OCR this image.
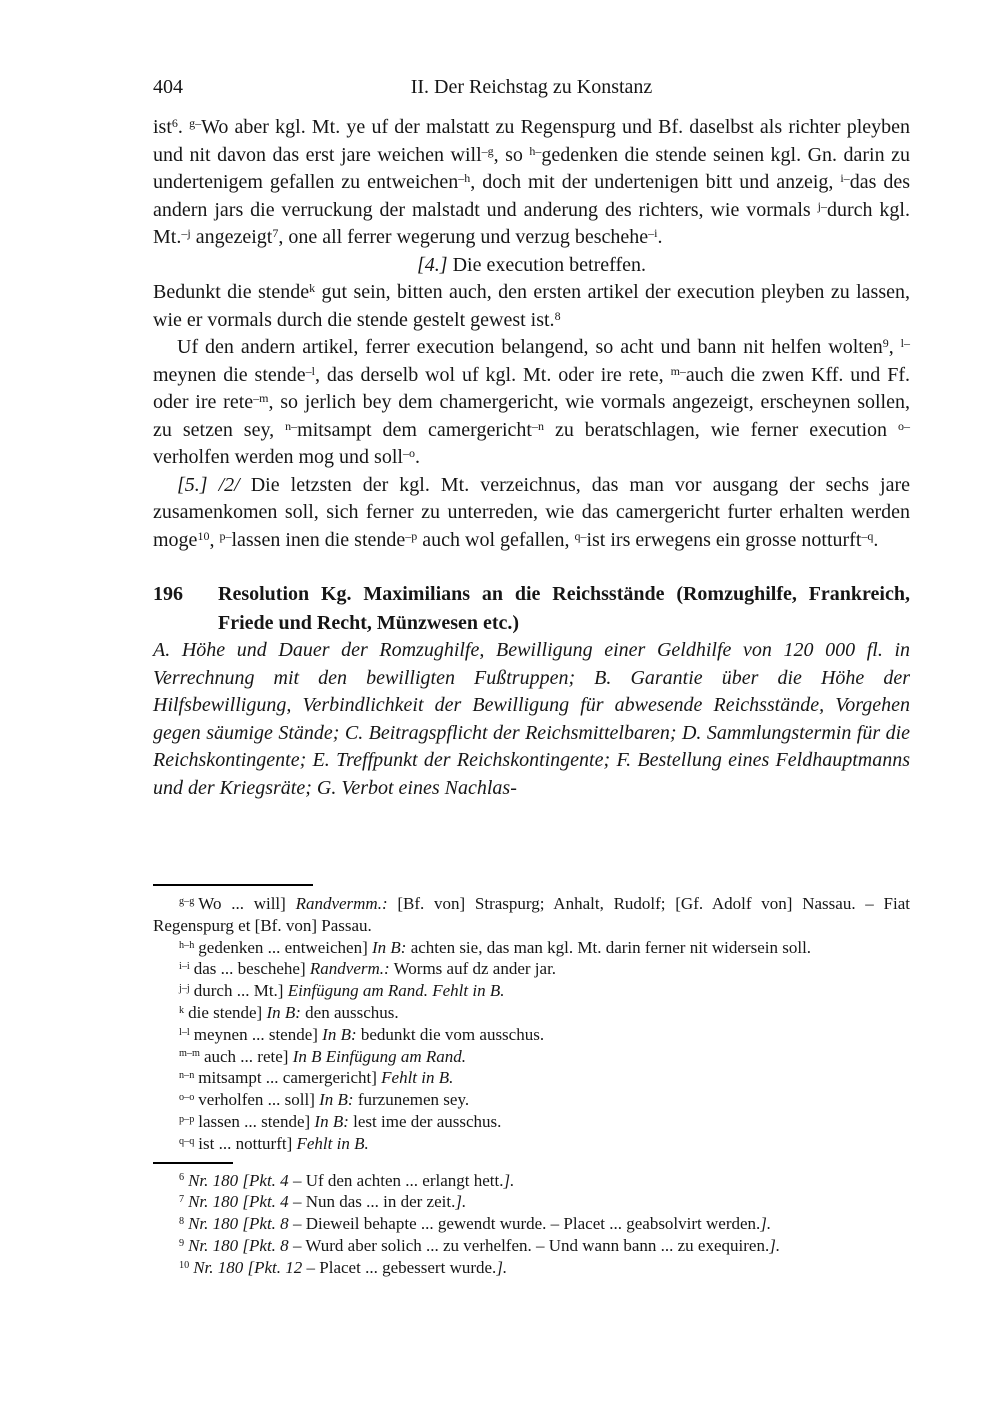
404	II. Der Reichstag zu Konstanz

ist$^6$. $^{g-}$Wo aber kgl. Mt. ye uf der malstatt zu Regenspurg und Bf. daselbst als richter pleyben und nit davon das erst jare weichen will$^{-g}$, so $^{h-}$gedenken die stende seinen kgl. Gn. darin zu undertenigem gefallen zu entweichen$^{-h}$, doch mit der undertenigen bitt und anzeig, $^{i-}$das des andern jars die verruckung der malstadt und anderung des richters, wie vormals $^{j-}$durch kgl. Mt.$^{-j}$ angezeigt$^7$, one all ferrer wegerung und verzug beschehe$^{-i}$.

[4.] Die execution betreffen.

Bedunkt die stende$^k$ gut sein, bitten auch, den ersten artikel der execution pleyben zu lassen, wie er vormals durch die stende gestelt gewest ist.$^8$

Uf den andern artikel, ferrer execution belangend, so acht und bann nit helfen wolten$^9$, $^{l-}$meynen die stende$^{-l}$, das derselb wol uf kgl. Mt. oder ire rete, $^{m-}$auch die zwen Kff. und Ff. oder ire rete$^{-m}$, so jerlich bey dem chamergericht, wie vormals angezeigt, erscheynen sollen, zu setzen sey, $^{n-}$mitsampt dem camergericht$^{-n}$ zu beratschlagen, wie ferner execution $^{o-}$verholfen werden mog und soll$^{-o}$.

[5.] /2/ Die letzsten der kgl. Mt. verzeichnus, das man vor ausgang der sechs jare zusamenkomen soll, sich ferner zu unterreden, wie das camergericht furter erhalten werden moge$^{10}$, $^{p-}$lassen inen die stende$^{-p}$ auch wol gefallen, $^{q-}$ist irs erwegens ein grosse notturft$^{-q}$.

196	Resolution Kg. Maximilians an die Reichsstände (Romzughilfe, Frankreich, Friede und Recht, Münzwesen etc.)

A. Höhe und Dauer der Romzughilfe, Bewilligung einer Geldhilfe von 120 000 fl. in Verrechnung mit den bewilligten Fußtruppen; B. Garantie über die Höhe der Hilfsbewilligung, Verbindlichkeit der Bewilligung für abwesende Reichsstände, Vorgehen gegen säumige Stände; C. Beitragspflicht der Reichsmittelbaren; D. Sammlungstermin für die Reichskontingente; E. Treffpunkt der Reichskontingente; F. Bestellung eines Feldhauptmanns und der Kriegsräte; G. Verbot eines Nachlas-

$^{g-g}$ Wo ... will] Randvermm.: [Bf. von] Straspurg; Anhalt, Rudolf; [Gf. Adolf von] Nassau. – Fiat Regenspurg et [Bf. von] Passau.
$^{h-h}$ gedenken ... entweichen] In B: achten sie, das man kgl. Mt. darin ferner nit widersein soll.
$^{i-i}$ das ... beschehe] Randverm.: Worms auf dz ander jar.
$^{j-j}$ durch ... Mt.] Einfügung am Rand. Fehlt in B.
$^k$ die stende] In B: den ausschus.
$^{l-l}$ meynen ... stende] In B: bedunkt die vom ausschus.
$^{m-m}$ auch ... rete] In B Einfügung am Rand.
$^{n-n}$ mitsampt ... camergericht] Fehlt in B.
$^{o-o}$ verholfen ... soll] In B: furzunemen sey.
$^{p-p}$ lassen ... stende] In B: lest ime der ausschus.
$^{q-q}$ ist ... notturft] Fehlt in B.
$^6$ Nr. 180 [Pkt. 4 – Uf den achten ... erlangt hett.].
$^7$ Nr. 180 [Pkt. 4 – Nun das ... in der zeit.].
$^8$ Nr. 180 [Pkt. 8 – Dieweil behapte ... gewendt wurde. – Placet ... geabsolvirt werden.].
$^9$ Nr. 180 [Pkt. 8 – Wurd aber solich ... zu verhelfen. – Und wann bann ... zu exequiren.].
$^{10}$ Nr. 180 [Pkt. 12 – Placet ... gebessert wurde.].
